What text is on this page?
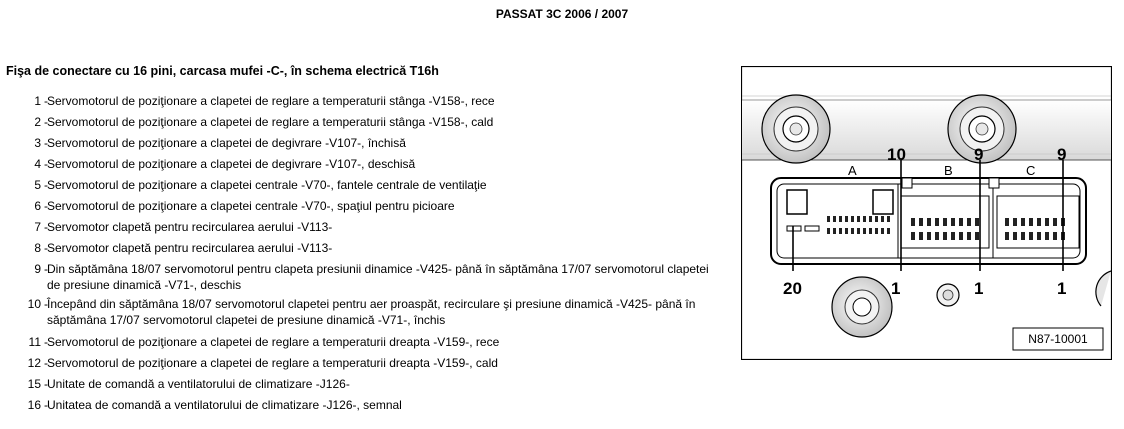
PASSAT 3C 2006 / 2007
Fişa de conectare cu 16 pini, carcasa mufei -C-, în schema electrică T16h
1 - Servomotorul de poziţionare a clapetei de reglare a temperaturii stânga -V158-, rece
2 - Servomotorul de poziţionare a clapetei de reglare a temperaturii stânga -V158-, cald
3 - Servomotorul de poziţionare a clapetei de degivrare -V107-, închisă
4 - Servomotorul de poziţionare a clapetei de degivrare -V107-, deschisă
5 - Servomotorul de poziţionare a clapetei centrale -V70-, fantele centrale de ventilaţie
6 - Servomotorul de poziţionare a clapetei centrale -V70-, spaţiul pentru picioare
7 - Servomotor clapetă pentru recircularea aerului -V113-
8 - Servomotor clapetă pentru recircularea aerului -V113-
9 - Din săptămâna 18/07 servomotorul pentru clapeta presiunii dinamice -V425- până în săptămâna 17/07 servomotorul clapetei de presiune dinamică -V71-, deschis
10 - Începând din săptămâna 18/07 servomotorul clapetei pentru aer proaspăt, recirculare şi presiune dinamică -V425- până în săptămâna 17/07 servomotorul clapetei de presiune dinamică -V71-, închis
11 - Servomotorul de poziţionare a clapetei de reglare a temperaturii dreapta -V159-, rece
12 - Servomotorul de poziţionare a clapetei de reglare a temperaturii dreapta -V159-, cald
15 - Unitate de comandă a ventilatorului de climatizare -J126-
16 - Unitatea de comandă a ventilatorului de climatizare -J126-, semnal
A	B	C
10	9	9
20	1	1	1
N87-10001
